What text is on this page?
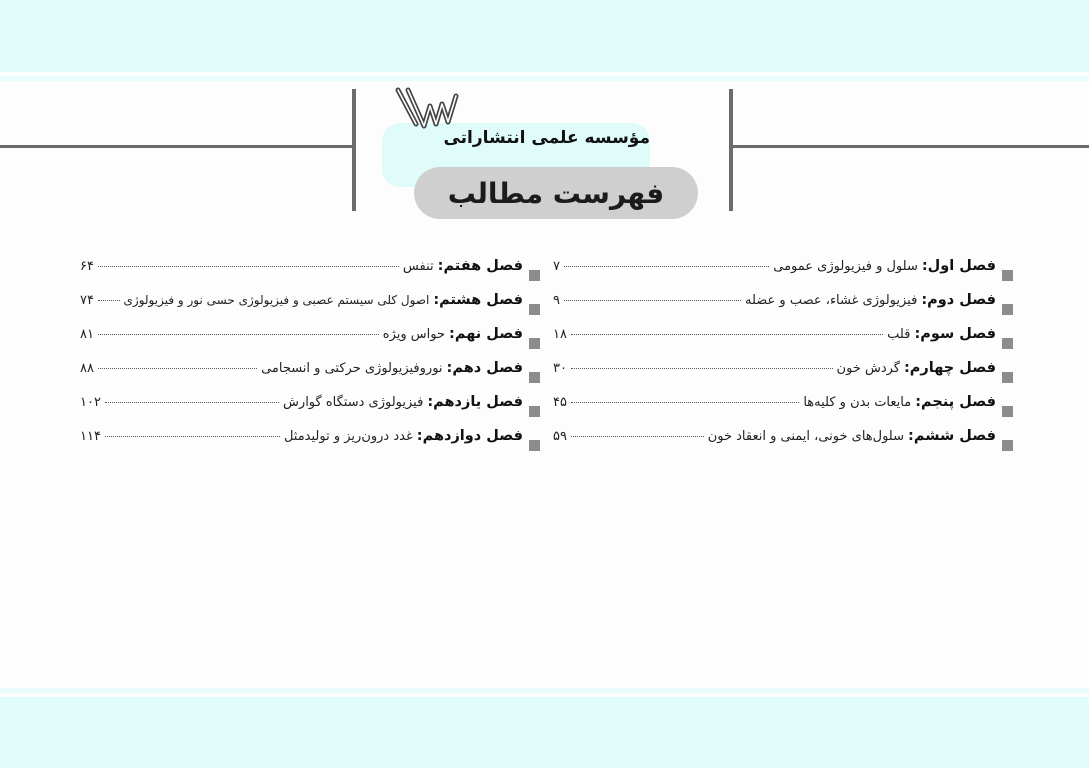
مؤسسه علمی انتشاراتی
فهرست مطالب
فصل اول
:
سلول و فیزیولوژی عمومی
۷
فصل دوم
:
فیزیولوژی غشاء، عصب و عضله
۹
فصل سوم
:
قلب
۱۸
فصل چهارم
:
گردش خون
۳۰
فصل پنجم
:
مایعات بدن و کلیه‌ها
۴۵
فصل ششم
:
سلول‌های خونی، ایمنی و انعقاد خون
۵۹
فصل هفتم
:
تنفس
۶۴
فصل هشتم
:
اصول کلی سیستم عصبی و فیزیولوژی حسی نور و فیزیولوژی
۷۴
فصل نهم
:
حواس ویژه
۸۱
فصل دهم
:
نوروفیزیولوژی حرکتی و انسجامی
۸۸
فصل یازدهم
:
فیزیولوژی دستگاه گوارش
۱۰۲
فصل دوازدهم
:
غدد درون‌ریز و تولیدمثل
۱۱۴
